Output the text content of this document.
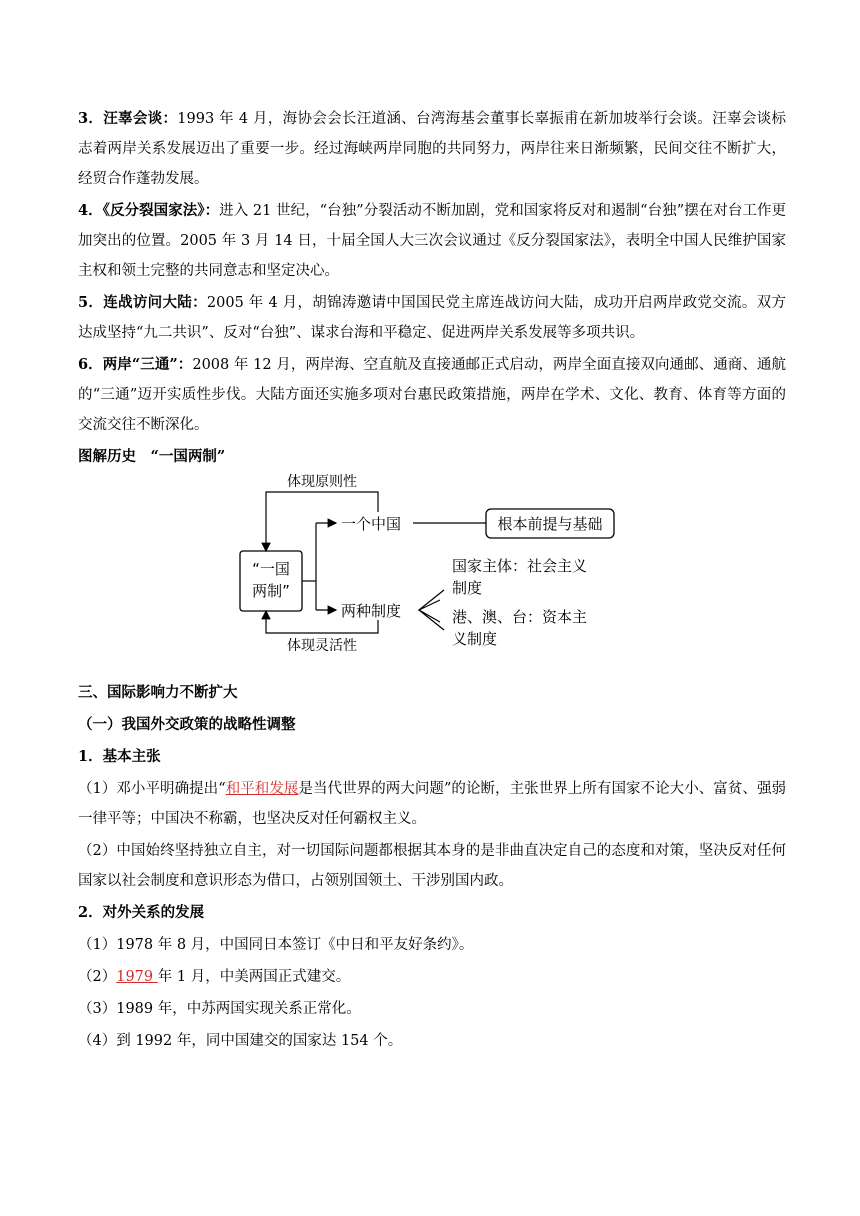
3．汪辜会谈：1993 年 4 月，海协会会长汪道涵、台湾海基会董事长辜振甫在新加坡举行会谈。汪辜会谈标志着两岸关系发展迈出了重要一步。经过海峡两岸同胞的共同努力，两岸往来日渐频繁，民间交往不断扩大，经贸合作蓬勃发展。

4．《反分裂国家法》：进入 21 世纪，“台独”分裂活动不断加剧，党和国家将反对和遏制“台独”摆在对台工作更加突出的位置。2005 年 3 月 14 日，十届全国人大三次会议通过《反分裂国家法》，表明全中国人民维护国家主权和领土完整的共同意志和坚定决心。

5．连战访问大陆：2005 年 4 月，胡锦涛邀请中国国民党主席连战访问大陆，成功开启两岸政党交流。双方达成坚持“九二共识”、反对“台独”、谋求台海和平稳定、促进两岸关系发展等多项共识。

6．两岸“三通”：2008 年 12 月，两岸海、空直航及直接通邮正式启动，两岸全面直接双向通邮、通商、通航的“三通”迈开实质性步伐。大陆方面还实施多项对台惠民政策措施，两岸在学术、文化、教育、体育等方面的交流交往不断深化。

图解历史　“一国两制”

“一国
两制”
体现原则性
体现灵活性
一个中国	根本前提与基础
两种制度
国家主体：社会主义
制度
港、澳、台：资本主
义制度

三、国际影响力不断扩大

（一）我国外交政策的战略性调整

1．基本主张

（1）邓小平明确提出“和平和发展是当代世界的两大问题”的论断，主张世界上所有国家不论大小、富贫、强弱一律平等；中国决不称霸，也坚决反对任何霸权主义。

（2）中国始终坚持独立自主，对一切国际问题都根据其本身的是非曲直决定自己的态度和对策，坚决反对任何国家以社会制度和意识形态为借口，占领别国领土、干涉别国内政。

2．对外关系的发展

（1）1978 年 8 月，中国同日本签订《中日和平友好条约》。

（2）1979 年 1 月，中美两国正式建交。

（3）1989 年，中苏两国实现关系正常化。

（4）到 1992 年，同中国建交的国家达 154 个。
